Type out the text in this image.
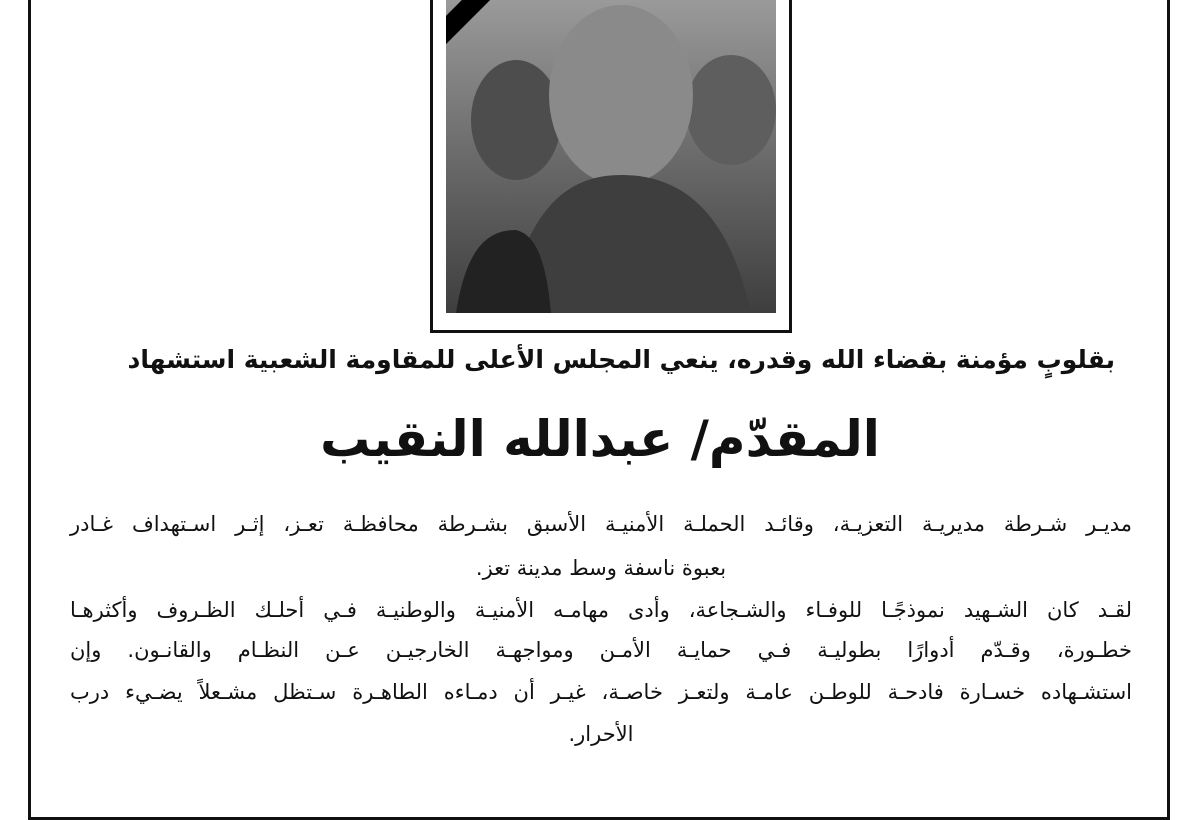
بقلوبٍ مؤمنة بقضاء الله وقدره، ينعي المجلس الأعلى للمقاومة الشعبية استشهاد
المقدّم/ عبدالله النقيب
مديـر شـرطة مديريـة التعزيـة، وقائـد الحملـة الأمنيـة الأسبق بشـرطة محافظـة تعـز، إثـر اسـتهداف غـادر
بعبوة ناسفة وسط مدينة تعز.
لقـد كان الشـهيد نموذجًـا للوفـاء والشـجاعة، وأدى مهامـه الأمنيـة والوطنيـة فـي أحلـك الظـروف وأكثرهـا
خطـورة، وقـدّم أدوارًا بطوليـة فـي حمايـة الأمـن ومواجهـة الخارجيـن عـن النظـام والقانـون. وإن
استشـهاده خسـارة فادحـة للوطـن عامـة ولتعـز خاصـة، غيـر أن دمـاءه الطاهـرة سـتظل مشـعلاً يضـيء درب
الأحرار.
